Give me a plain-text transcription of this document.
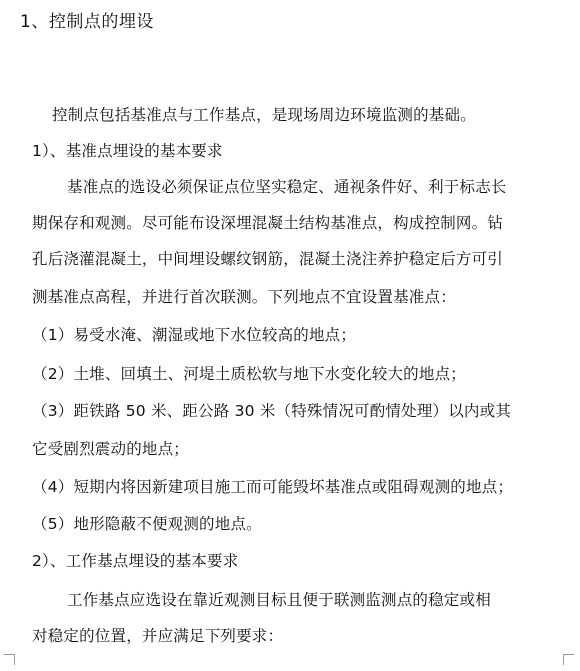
1、控制点的埋设
控制点包括基准点与工作基点，是现场周边环境监测的基础。
1）、基准点埋设的基本要求
基准点的选设必须保证点位坚实稳定、通视条件好、利于标志长
期保存和观测。尽可能布设深埋混凝土结构基准点，构成控制网。钻
孔后浇灌混凝土，中间埋设螺纹钢筋，混凝土浇注养护稳定后方可引
测基准点高程，并进行首次联测。下列地点不宜设置基准点：
（1）易受水淹、潮湿或地下水位较高的地点；
（2）土堆、回填土、河堤土质松软与地下水变化较大的地点；
（3）距铁路 50 米、距公路 30 米（特殊情况可酌情处理）以内或其
它受剧烈震动的地点；
（4）短期内将因新建项目施工而可能毁坏基准点或阻碍观测的地点；
（5）地形隐蔽不便观测的地点。
2）、工作基点埋设的基本要求
工作基点应选设在靠近观测目标且便于联测监测点的稳定或相
对稳定的位置，并应满足下列要求：
